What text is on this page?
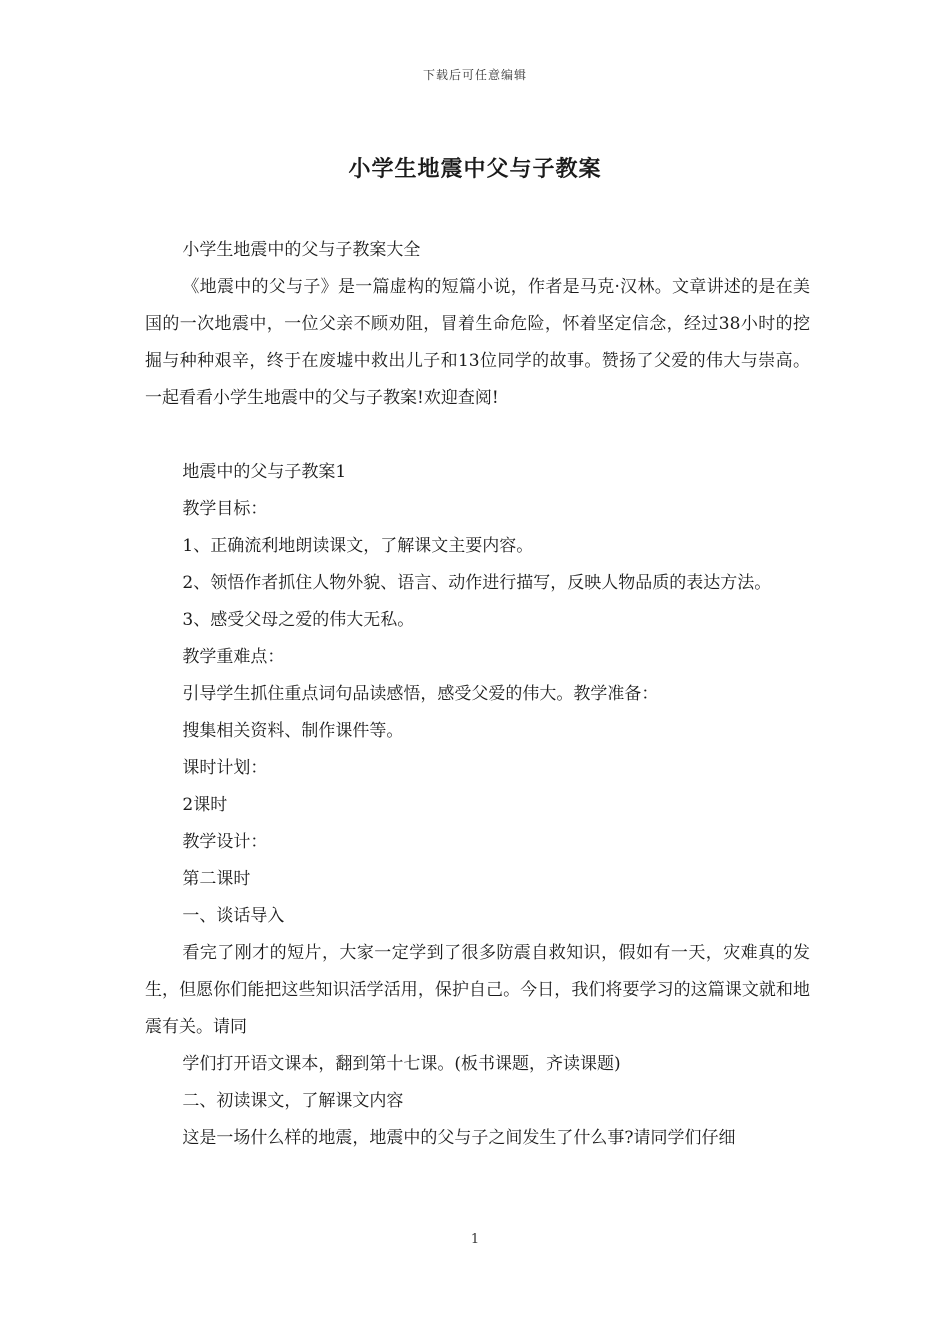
下载后可任意编辑
小学生地震中父与子教案

小学生地震中的父与子教案大全

《地震中的父与子》是一篇虚构的短篇小说，作者是马克·汉林。文章讲述的是在美国的一次地震中，一位父亲不顾劝阻，冒着生命危险，怀着坚定信念，经过38小时的挖掘与种种艰辛，终于在废墟中救出儿子和13位同学的故事。赞扬了父爱的伟大与崇高。一起看看小学生地震中的父与子教案!欢迎查阅!

地震中的父与子教案1

教学目标：

1、正确流利地朗读课文，了解课文主要内容。

2、领悟作者抓住人物外貌、语言、动作进行描写，反映人物品质的表达方法。

3、感受父母之爱的伟大无私。

教学重难点：

引导学生抓住重点词句品读感悟，感受父爱的伟大。教学准备：

搜集相关资料、制作课件等。

课时计划：

2课时

教学设计：

第二课时

一、谈话导入

看完了刚才的短片，大家一定学到了很多防震自救知识，假如有一天，灾难真的发生，但愿你们能把这些知识活学活用，保护自己。今日，我们将要学习的这篇课文就和地震有关。请同

学们打开语文课本，翻到第十七课。(板书课题，齐读课题)

二、初读课文，了解课文内容

这是一场什么样的地震，地震中的父与子之间发生了什么事?请同学们仔细

1
